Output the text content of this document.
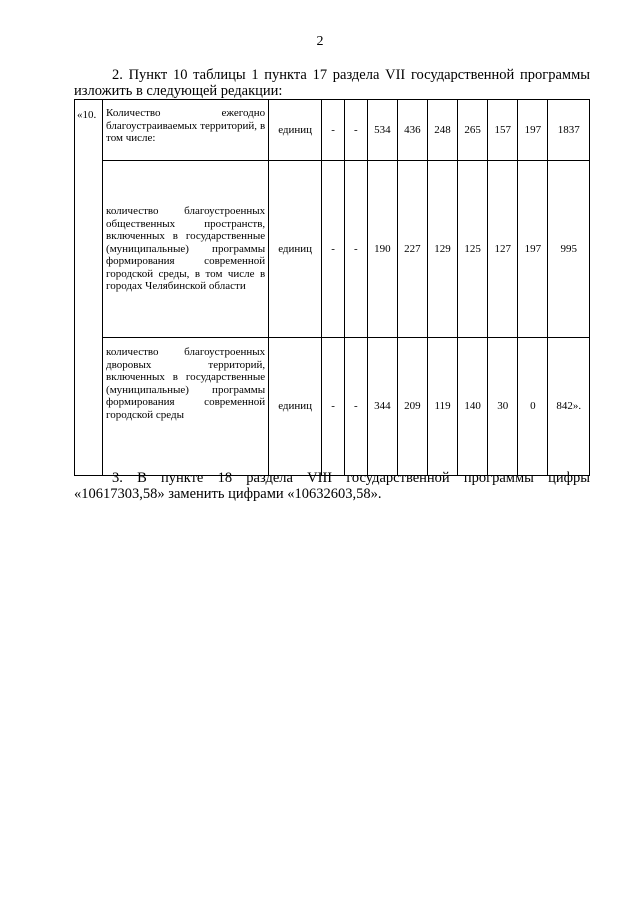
2
2. Пункт 10 таблицы 1 пункта 17 раздела VII государственной программы изложить в следующей редакции:
«10.	Количество ежегодно благоустраиваемых территорий, в том числе:	единиц	-	-	534	436	248	265	157	197	1837

	количество благоустроенных общественных пространств, включенных в государственные (муниципальные) программы формирования современной городской среды, в том числе в городах Челябинской области	единиц	-	-	190	227	129	125	127	197	995

	количество благоустроенных дворовых территорий, включенных в государственные (муниципальные) программы формирования современной городской среды	единиц	-	-	344	209	119	140	30	0	842».
3. В пункте 18 раздела VIII государственной программы цифры «10617303,58» заменить цифрами «10632603,58».
